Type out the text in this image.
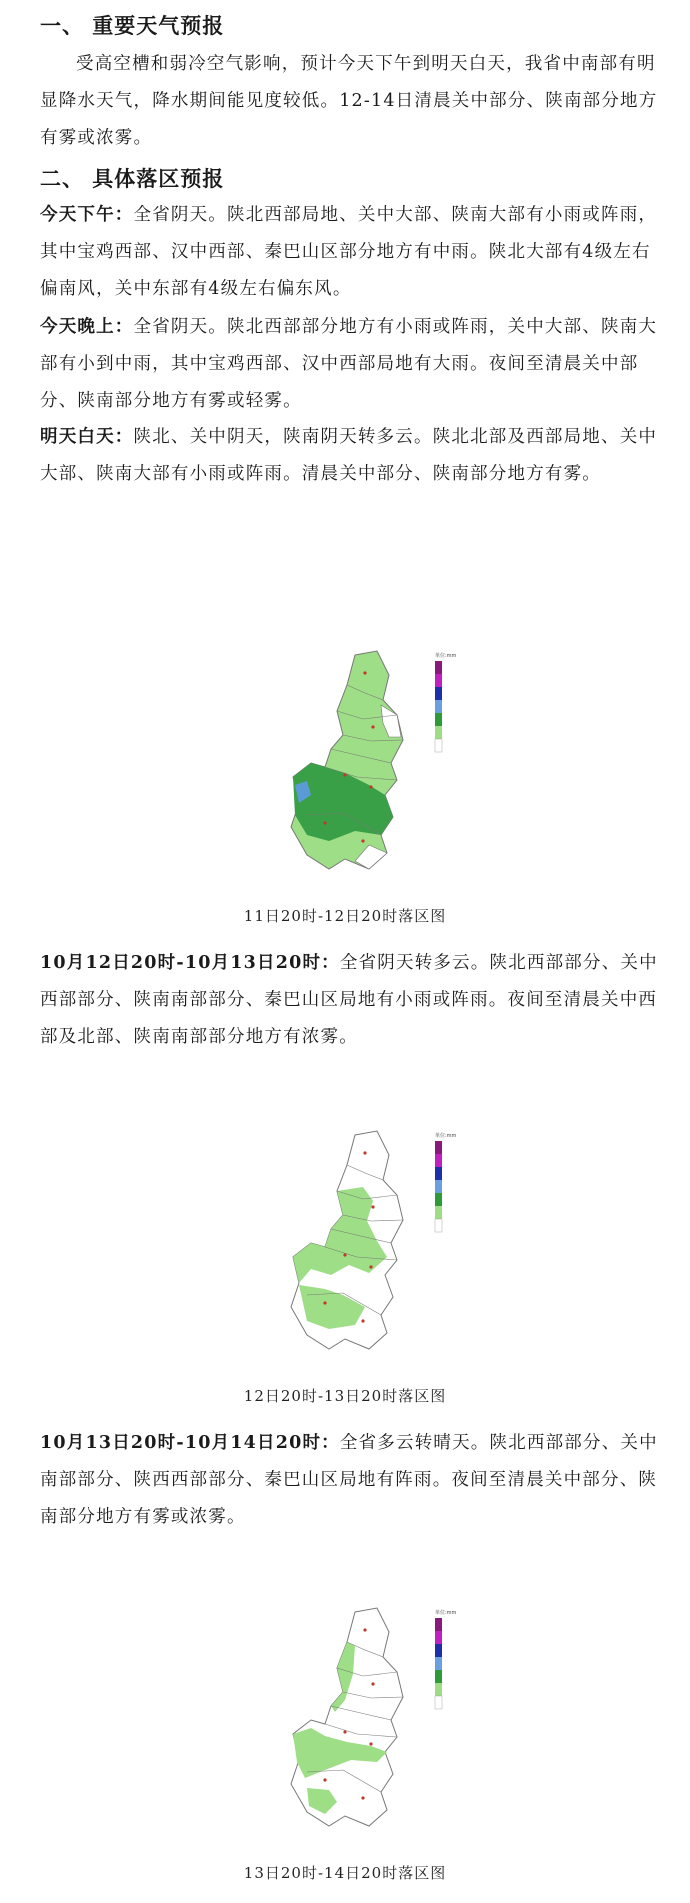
一、 重要天气预报
受高空槽和弱冷空气影响，预计今天下午到明天白天，我省中南部有明显降水天气，降水期间能见度较低。12-14日清晨关中部分、陕南部分地方有雾或浓雾。
二、 具体落区预报
今天下午：全省阴天。陕北西部局地、关中大部、陕南大部有小雨或阵雨，其中宝鸡西部、汉中西部、秦巴山区部分地方有中雨。陕北大部有4级左右偏南风，关中东部有4级左右偏东风。
今天晚上：全省阴天。陕北西部部分地方有小雨或阵雨，关中大部、陕南大部有小到中雨，其中宝鸡西部、汉中西部局地有大雨。夜间至清晨关中部分、陕南部分地方有雾或轻雾。
明天白天：陕北、关中阴天，陕南阴天转多云。陕北北部及西部局地、关中大部、陕南大部有小雨或阵雨。清晨关中部分、陕南部分地方有雾。
单位:mm
11日20时-12日20时落区图
10月12日20时-10月13日20时：全省阴天转多云。陕北西部部分、关中西部部分、陕南南部部分、秦巴山区局地有小雨或阵雨。夜间至清晨关中西部及北部、陕南南部部分地方有浓雾。
单位:mm
12日20时-13日20时落区图
10月13日20时-10月14日20时：全省多云转晴天。陕北西部部分、关中南部部分、陕西西部部分、秦巴山区局地有阵雨。夜间至清晨关中部分、陕南部分地方有雾或浓雾。
单位:mm
13日20时-14日20时落区图
